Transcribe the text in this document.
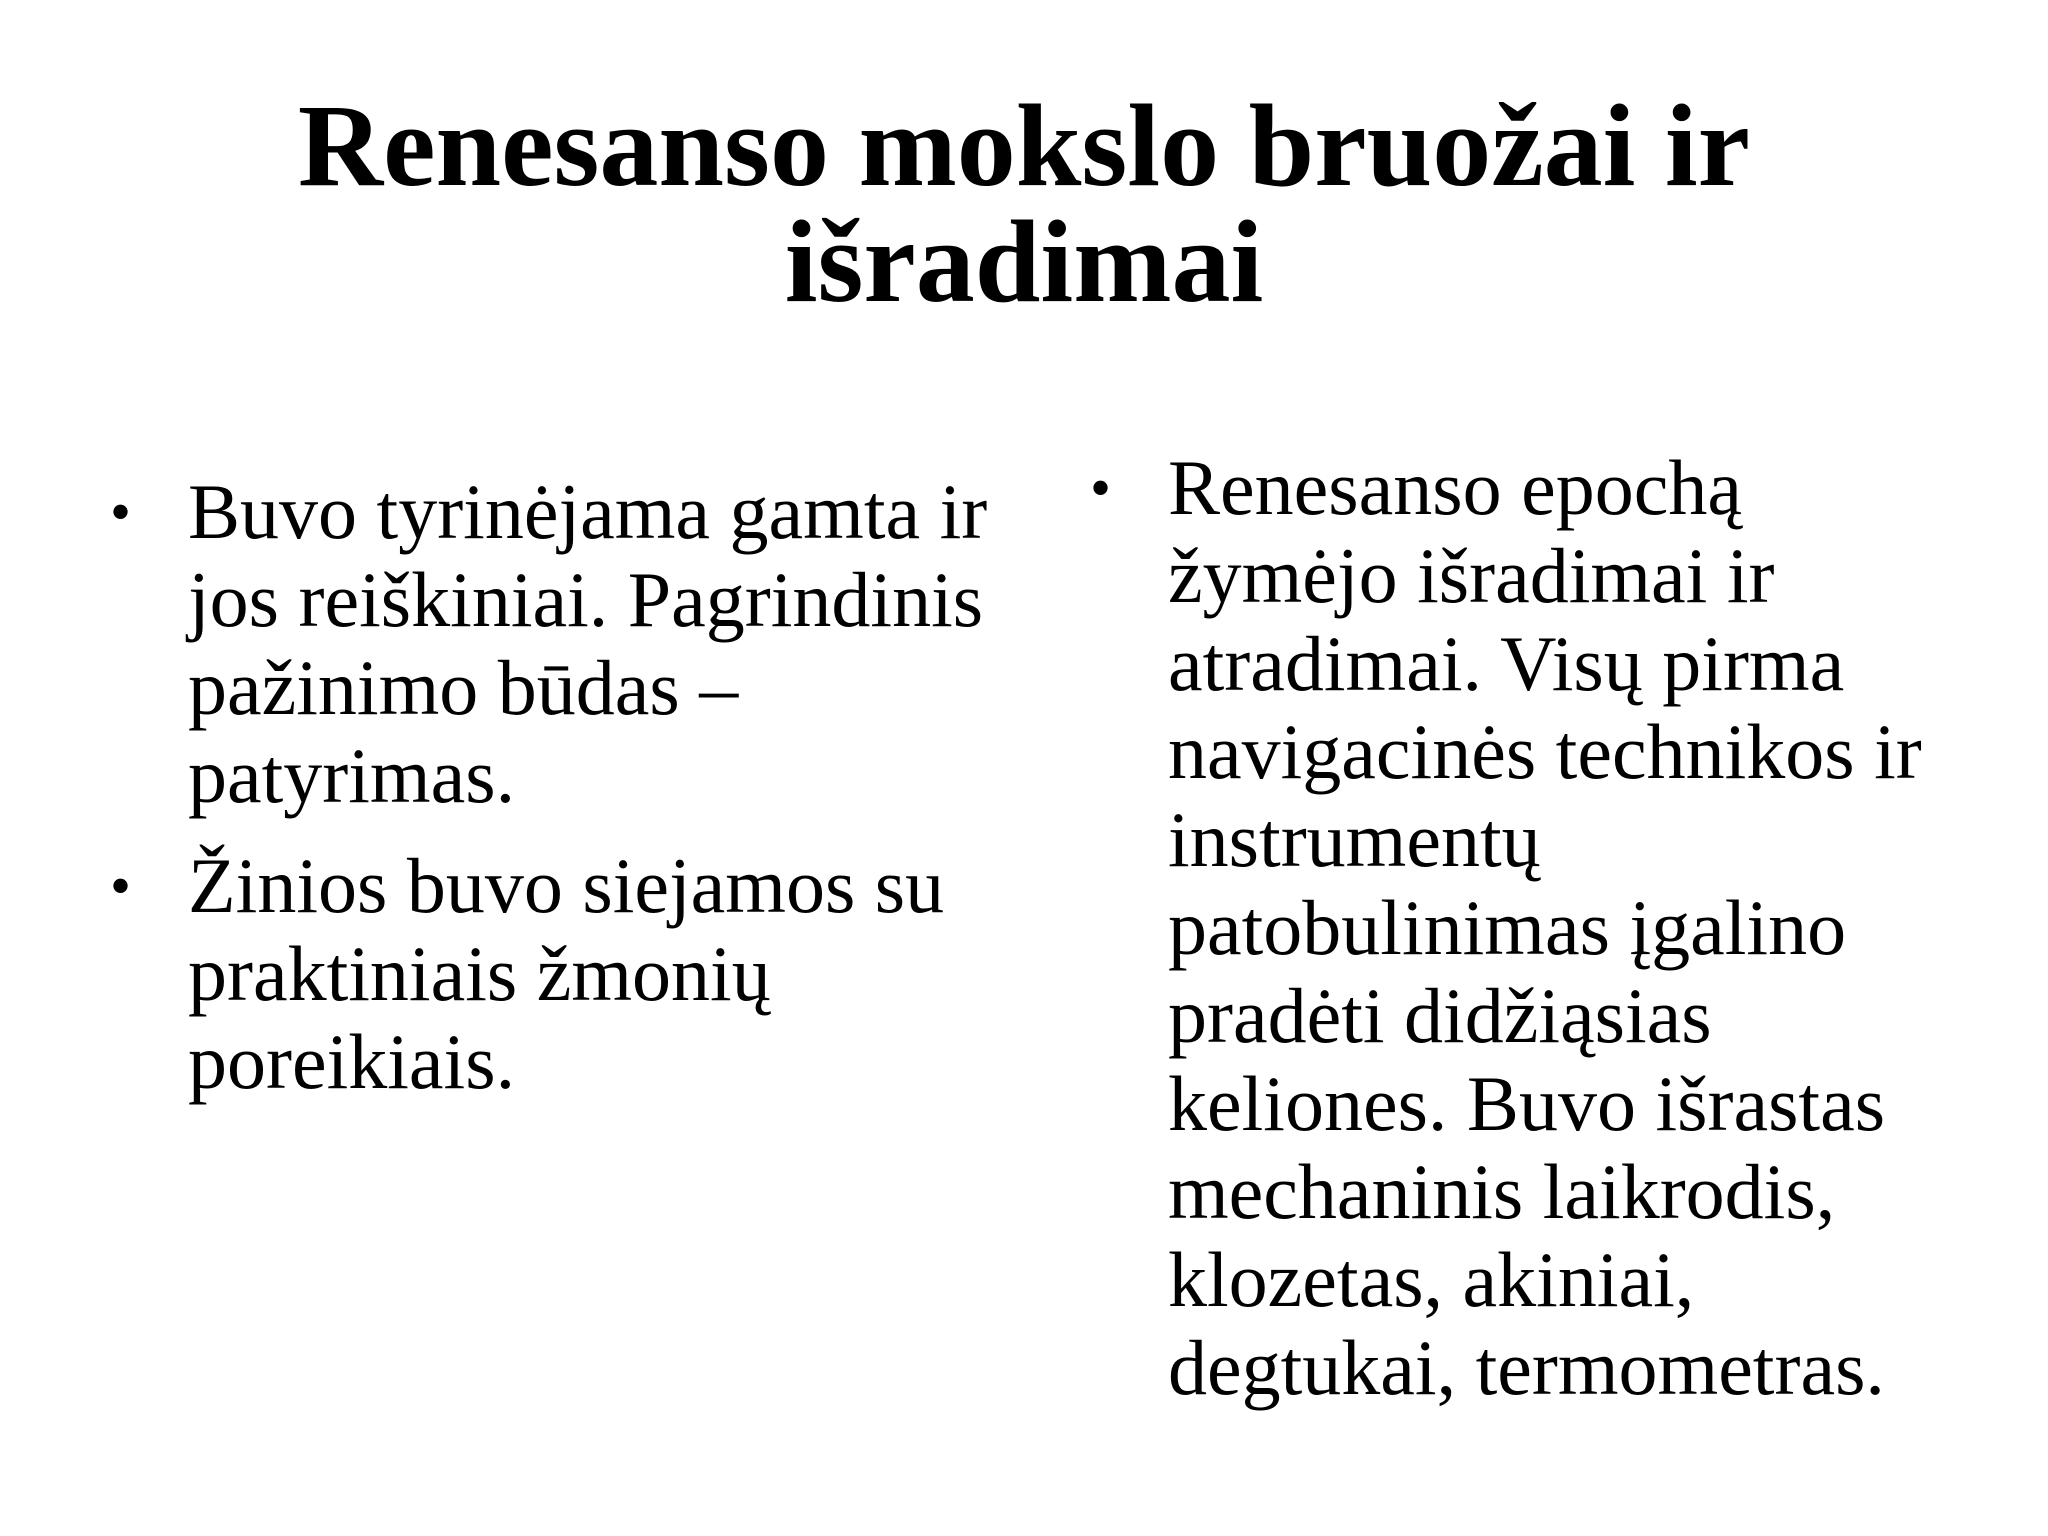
Renesanso mokslo bruožai ir
išradimai
• Buvo tyrinėjama gamta ir jos reiškiniai. Pagrindinis pažinimo būdas – patyrimas.
• Žinios buvo siejamos su praktiniais žmonių poreikiais.
• Renesanso epochą žymėjo išradimai ir atradimai. Visų pirma navigacinės technikos ir instrumentų patobulinimas įgalino pradėti didžiąsias keliones. Buvo išrastas mechaninis laikrodis, klozetas, akiniai, degtukai, termometras.
